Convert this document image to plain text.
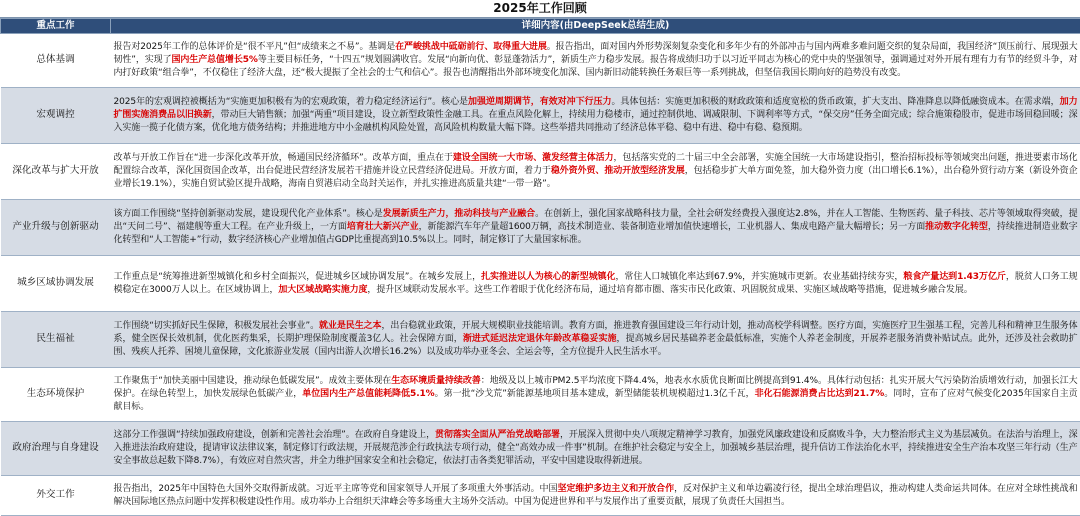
2025年工作回顾
重点工作	详细内容(由DeepSeek总结生成)
总体基调	报告对2025年工作的总体评价是“很不平凡”但“成绩来之不易”。基调是在严峻挑战中砥砺前行、取得重大进展。报告指出，面对国内外形势深刻复杂变化和多年少有的外部冲击与国内两难多难问题交织的复杂局面，我国经济“顶压前行、展现强大韧性”，实现了国内生产总值增长5%等主要目标任务，“十四五”规划圆满收官。发展“向新向优、彰显蓬勃活力”，新质生产力稳步发展。报告将成绩归功于以习近平同志为核心的党中央的坚强领导，强调通过对外开展有理有力有节的经贸斗争，对内打好政策“组合拳”，不仅稳住了经济大盘，还“极大提振了全社会的士气和信心”。报告也清醒指出外部环境变化加深、国内新旧动能转换任务艰巨等一系列挑战，但坚信我国长期向好的趋势没有改变。
宏观调控	2025年的宏观调控被概括为“实施更加积极有为的宏观政策，着力稳定经济运行”。核心是加强逆周期调节，有效对冲下行压力。具体包括：实施更加积极的财政政策和适度宽松的货币政策，扩大支出、降准降息以降低融资成本。在需求端，加力扩围实施消费品以旧换新，带动巨大销售额；加强“两重”项目建设，设立新型政策性金融工具。在重点风险化解上，持续用力稳楼市，通过控制供地、调减限制、下调利率等方式，“保交房”任务全面完成；综合施策稳股市，促进市场回稳回暖；深入实施一揽子化债方案，优化地方债务结构；并推进地方中小金融机构风险处置，高风险机构数量大幅下降。这些举措共同推动了经济总体平稳、稳中有进、稳中有稳、稳预期。
深化改革与扩大开放	改革与开放工作旨在“进一步深化改革开放，畅通国民经济循环”。改革方面，重点在于建设全国统一大市场、激发经营主体活力，包括落实党的二十届三中全会部署，实施全国统一大市场建设指引，整治招标投标等领域突出问题，推进要素市场化配置综合改革，深化国资国企改革，出台促进民营经济发展若干措施并设立民营经济促进局。开放方面，着力于稳外资外贸、推动开放型经济发展，包括稳步扩大单方面免签，加大稳外资力度（出口增长6.1%），出台稳外贸行动方案（新设外资企业增长19.1%），实施自贸试验区提升战略，海南自贸港启动全岛封关运作，并扎实推进高质量共建“一带一路”。
产业升级与创新驱动	该方面工作围绕“坚持创新驱动发展，建设现代化产业体系”。核心是发展新质生产力，推动科技与产业融合。在创新上，强化国家战略科技力量，全社会研发经费投入强度达2.8%，并在人工智能、生物医药、量子科技、芯片等领域取得突破，提出“天问二号”、福建舰等重大工程。在产业升级上，一方面培育壮大新兴产业，新能源汽车年产量超1600万辆，高技术制造业、装备制造业增加值快速增长，工业机器人、集成电路产量大幅增长；另一方面推动数字化转型，持续推进制造业数字化转型和“人工智能+”行动，数字经济核心产业增加值占GDP比重提高到10.5%以上。同时，制定修订了大量国家标准。
城乡区域协调发展	工作重点是“统筹推进新型城镇化和乡村全面振兴，促进城乡区域协调发展”。在城乡发展上，扎实推进以人为核心的新型城镇化，常住人口城镇化率达到67.9%，并实施城市更新。农业基础持续夯实，粮食产量达到1.43万亿斤，脱贫人口务工规模稳定在3000万人以上。在区域协调上，加大区域战略实施力度，提升区域联动发展水平。这些工作着眼于优化经济布局，通过培育都市圈、落实市民化政策、巩固脱贫成果、实施区域战略等措施，促进城乡融合发展。
民生福祉	工作围绕“切实抓好民生保障，积极发展社会事业”。就业是民生之本，出台稳就业政策，开展大规模职业技能培训。教育方面，推进教育强国建设三年行动计划，推动高校学科调整。医疗方面，实施医疗卫生强基工程，完善儿科和精神卫生服务体系，健全医保长效机制，优化医药集采，长期护理保险制度覆盖3亿人。社会保障方面，渐进式延迟法定退休年龄改革稳妥实施，提高城乡居民基础养老金最低标准，实施个人养老金制度，开展养老服务消费补贴试点。此外，还涉及社会救助扩围、残疾人托养、困境儿童保障，文化旅游业发展（国内出游人次增长16.2%）以及成功举办亚冬会、全运会等，全方位提升人民生活水平。
生态环境保护	工作聚焦于“加快美丽中国建设，推动绿色低碳发展”。成效主要体现在生态环境质量持续改善：地级及以上城市PM2.5平均浓度下降4.4%，地表水水质优良断面比例提高到91.4%。具体行动包括：扎实开展大气污染防治质增效行动，加强长江大保护。在绿色转型上，加快发展绿色低碳产业，单位国内生产总值能耗降低5.1%。第一批“沙戈荒”新能源基地项目基本建成，新型储能装机规模超过1.3亿千瓦，非化石能源消费占比达到21.7%。同时，宣布了应对气候变化2035年国家自主贡献目标。
政府治理与自身建设	这部分工作强调“持续加强政府建设，创新和完善社会治理”。在政府自身建设上，贯彻落实全面从严治党战略部署，开展深入贯彻中央八项规定精神学习教育，加强党风廉政建设和反腐败斗争，大力整治形式主义为基层减负。在法治与治理上，深入推进法治政府建设，提请审议法律议案，制定修订行政法规，开展规范涉企行政执法专项行动，健全“高效办成一件事”机制。在维护社会稳定与安全上，加强城乡基层治理，提升信访工作法治化水平，持续推进安全生产治本攻坚三年行动（生产安全事故总起数下降8.7%），有效应对自然灾害，并全力维护国家安全和社会稳定，依法打击各类犯罪活动，平安中国建设取得新进展。
外交工作	报告指出，2025年中国特色大国外交取得新成就。习近平主席等党和国家领导人开展了多项重大外事活动。中国坚定维护多边主义和开放合作，反对保护主义和单边霸凌行径，提出全球治理倡议，推动构建人类命运共同体。在应对全球性挑战和解决国际地区热点问题中发挥积极建设性作用。成功举办上合组织天津峰会等多场重大主场外交活动。中国为促进世界和平与发展作出了重要贡献，展现了负责任大国担当。
